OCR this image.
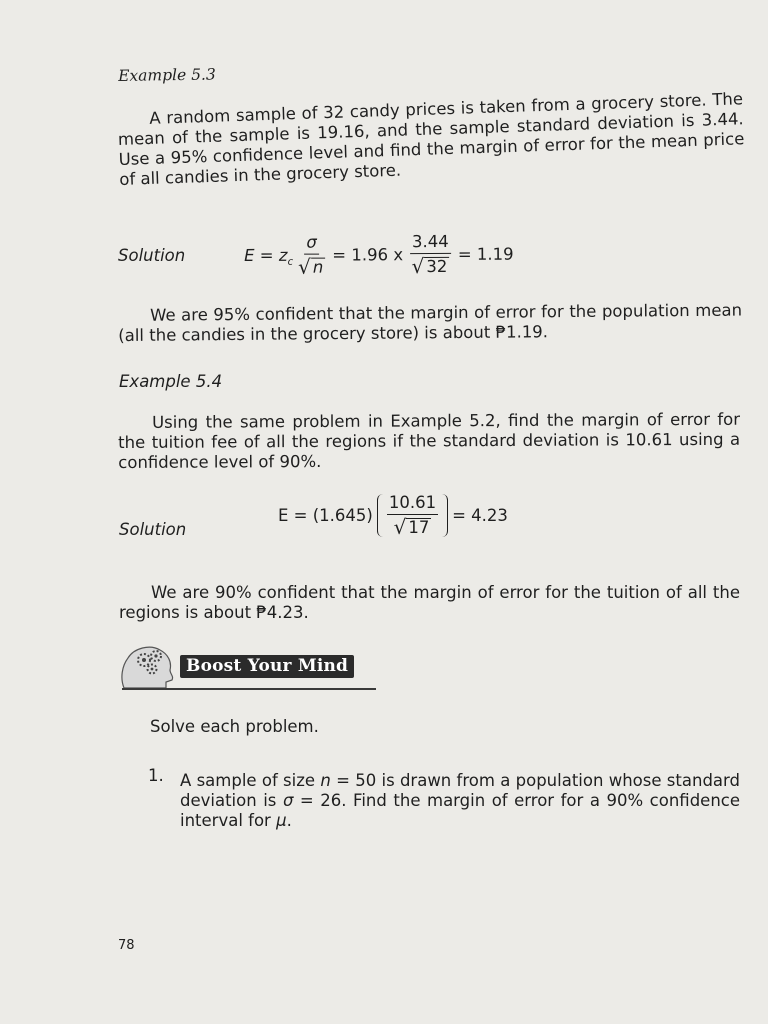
Example 5.3
A random sample of 32 candy prices is taken from a grocery store. The mean of the sample is 19.16, and the sample standard deviation is 3.44. Use a 95% confidence level and find the margin of error for the mean price of all candies in the grocery store.
Solution	E = z c $\frac{\sigma}{√ n} = 1.96$ x $\frac{3.44}{√ 32} = 1.19$
We are 95% confident that the margin of error for the population mean (all the candies in the grocery store) is about ₱1.19.
Example 5.4
Using the same problem in Example 5.2, find the margin of error for the tuition fee of all the regions if the standard deviation is 10.61 using a confidence level of 90%.
$E = (1.645) \frac{10.61}{√ 17} = 4.23$
Solution
We are 90% confident that the margin of error for the tuition of all the regions is about ₱4.23.
Boost Your Mind
Solve each problem.
1. A sample of size n = 50 is drawn from a population whose standard deviation is σ = 26. Find the margin of error for a 90% confidence interval for μ.
78
